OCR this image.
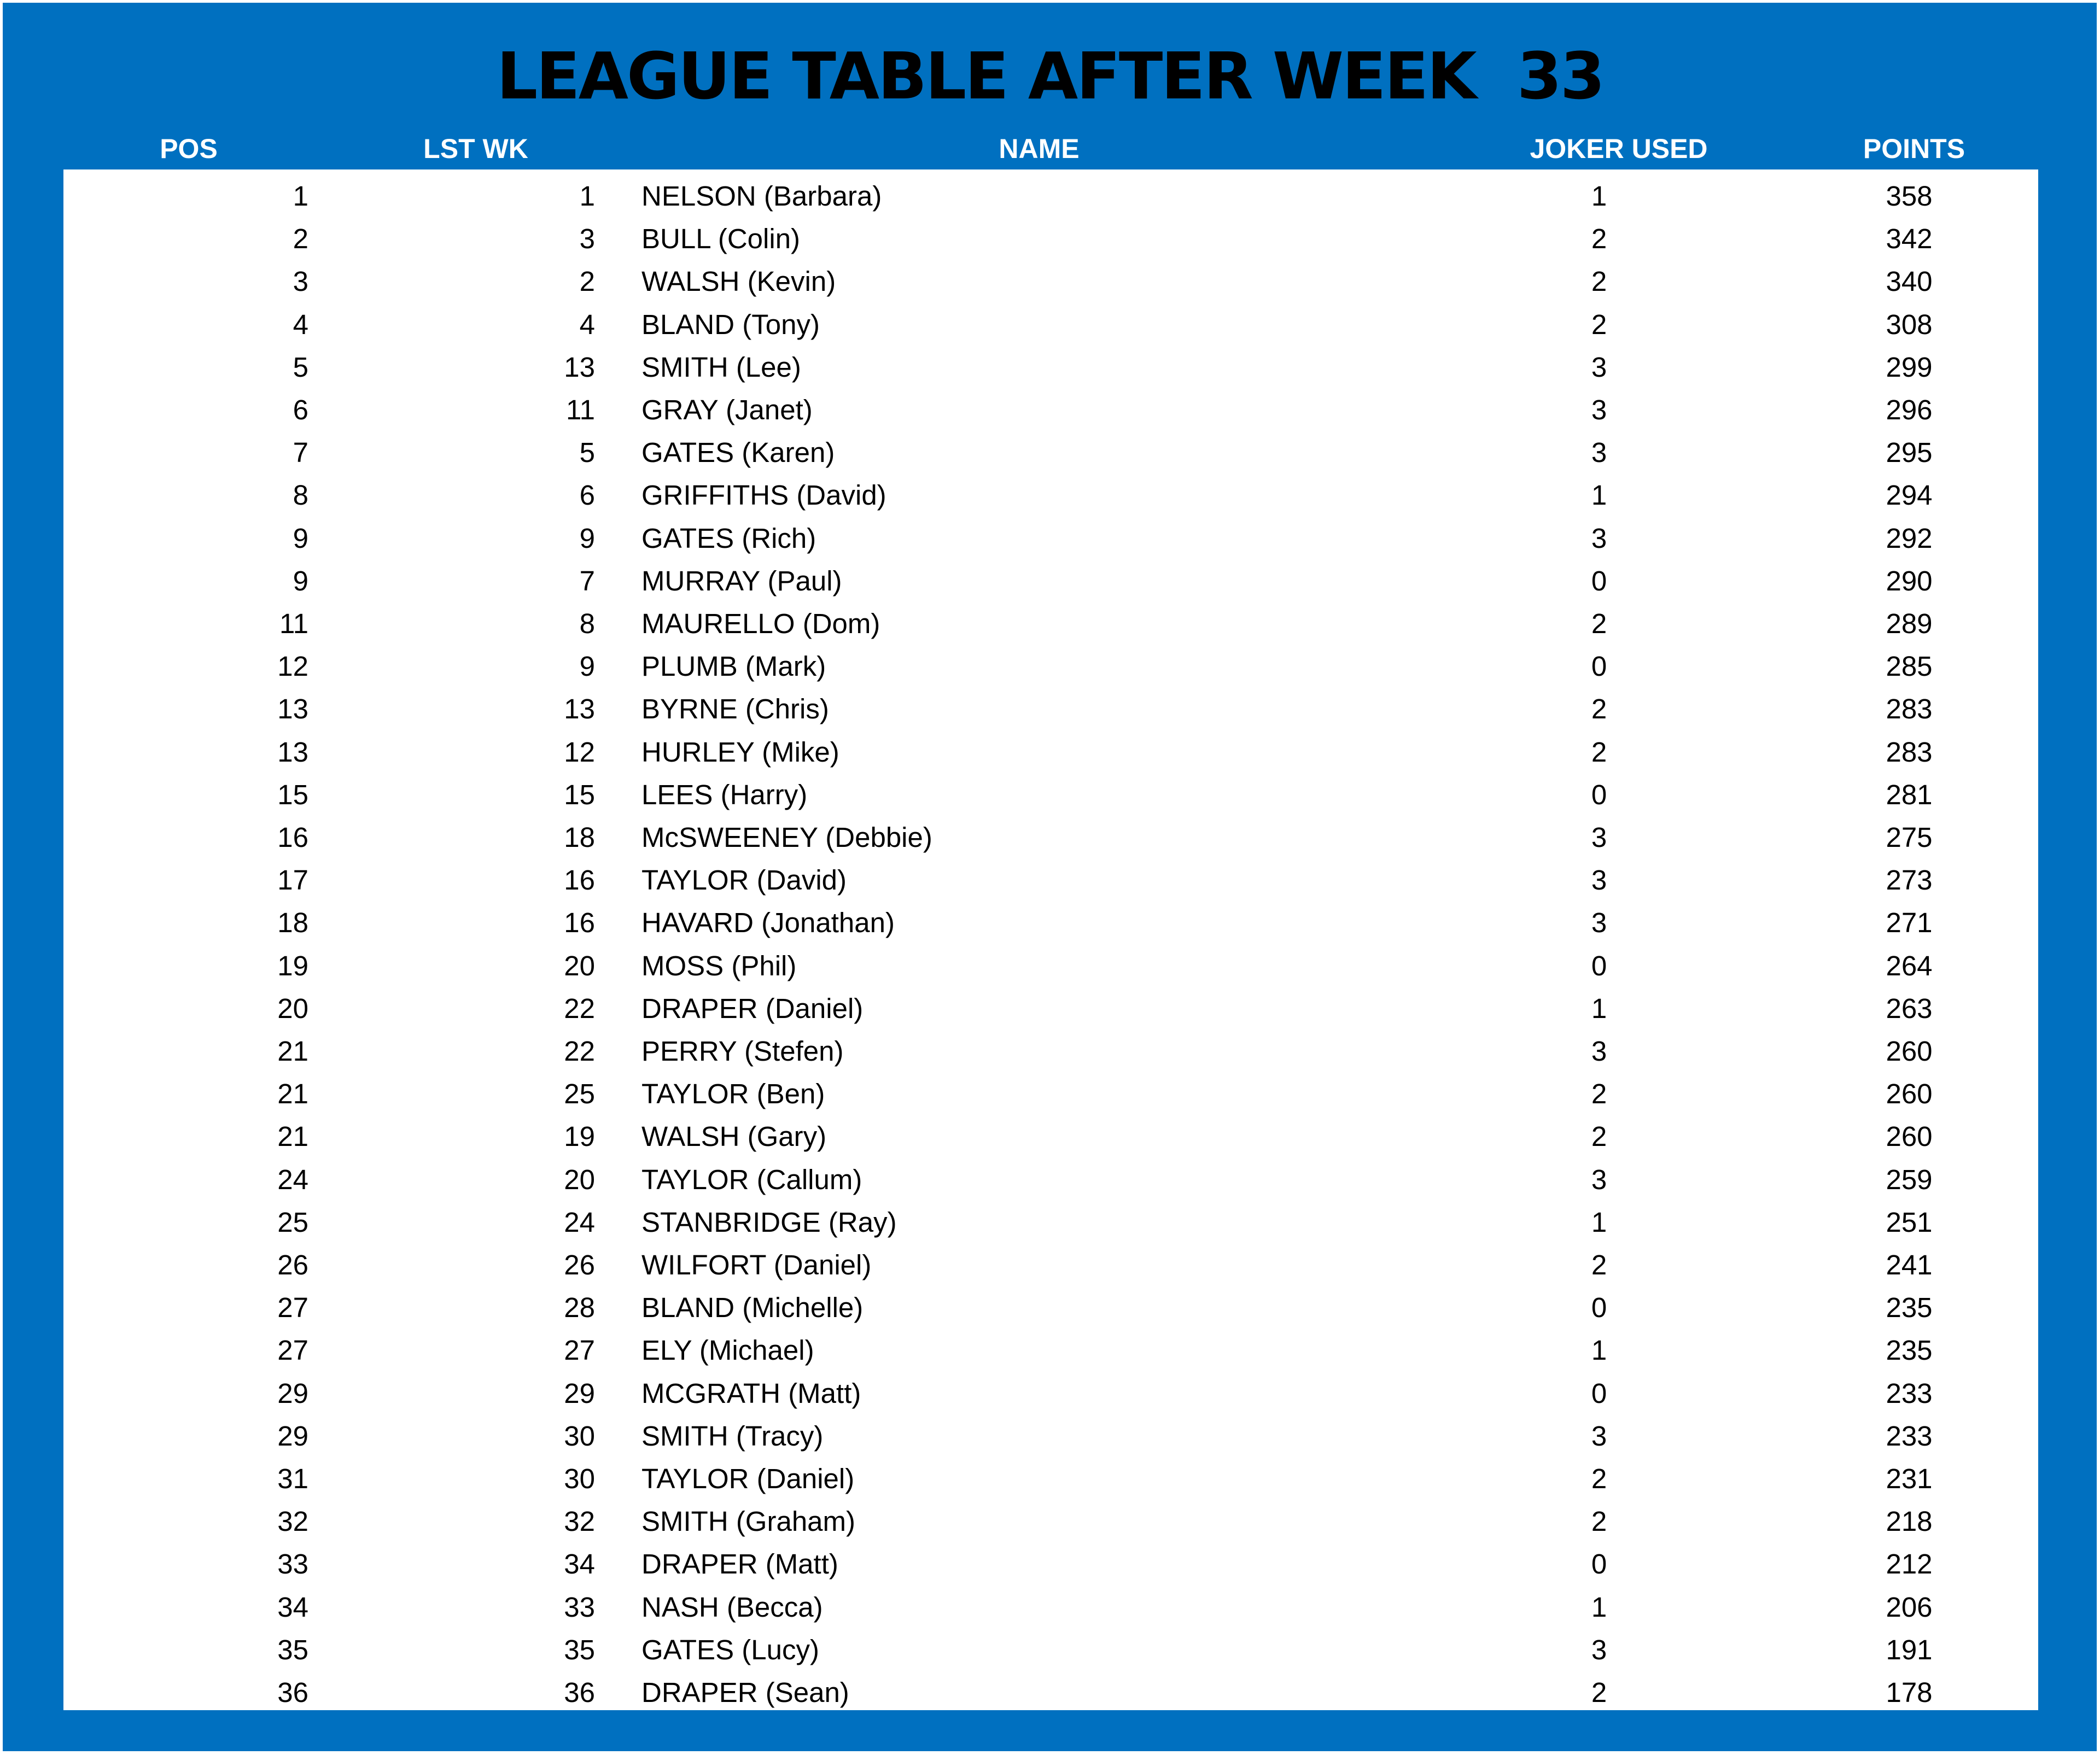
LEAGUE TABLE AFTER WEEK  33
POS	LST WK	NAME	JOKER USED	POINTS
1	1 NELSON (Barbara)	1	358
2	3 BULL (Colin)	2	342
3	2 WALSH (Kevin)	2	340
4	4 BLAND (Tony)	2	308
5	13 SMITH (Lee)	3	299
6	11 GRAY (Janet)	3	296
7	5 GATES (Karen)	3	295
8	6 GRIFFITHS (David)	1	294
9	9 GATES (Rich)	3	292
9	7 MURRAY (Paul)	0	290
11	8 MAURELLO (Dom)	2	289
12	9 PLUMB (Mark)	0	285
13	13 BYRNE (Chris)	2	283
13	12 HURLEY (Mike)	2	283
15	15 LEES (Harry)	0	281
16	18 McSWEENEY (Debbie)	3	275
17	16 TAYLOR (David)	3	273
18	16 HAVARD (Jonathan)	3	271
19	20 MOSS (Phil)	0	264
20	22 DRAPER (Daniel)	1	263
21	22 PERRY (Stefen)	3	260
21	25 TAYLOR (Ben)	2	260
21	19 WALSH (Gary)	2	260
24	20 TAYLOR (Callum)	3	259
25	24 STANBRIDGE (Ray)	1	251
26	26 WILFORT (Daniel)	2	241
27	28 BLAND (Michelle)	0	235
27	27 ELY (Michael)	1	235
29	29 MCGRATH (Matt)	0	233
29	30 SMITH (Tracy)	3	233
31	30 TAYLOR (Daniel)	2	231
32	32 SMITH (Graham)	2	218
33	34 DRAPER (Matt)	0	212
34	33 NASH (Becca)	1	206
35	35 GATES (Lucy)	3	191
36	36 DRAPER (Sean)	2	178
